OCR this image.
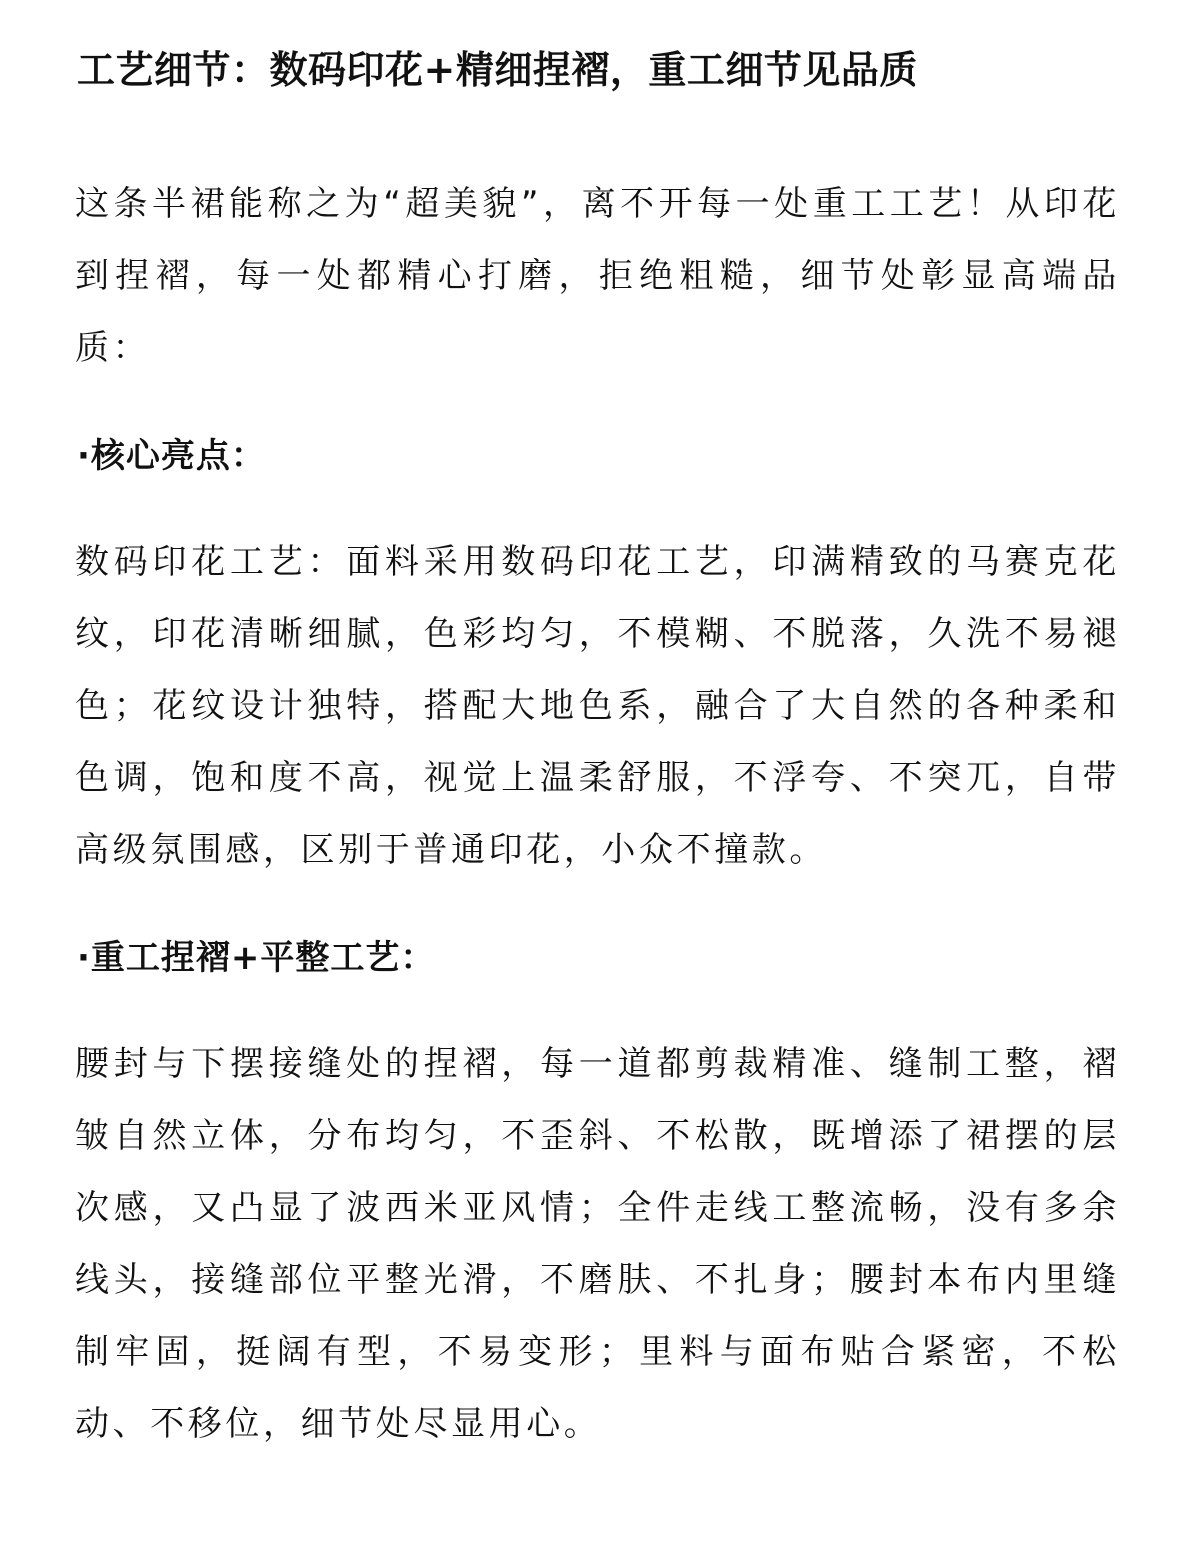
工艺细节：数码印花+精细捏褶，重工细节见品质

这条半裙能称之为“超美貌”，离不开每一处重工工艺！从印花到捏褶，每一处都精心打磨，拒绝粗糙，细节处彰显高端品质：

·核心亮点：

数码印花工艺：面料采用数码印花工艺，印满精致的马赛克花纹，印花清晰细腻，色彩均匀，不模糊、不脱落，久洗不易褪色；花纹设计独特，搭配大地色系，融合了大自然的各种柔和色调，饱和度不高，视觉上温柔舒服，不浮夸、不突兀，自带高级氛围感，区别于普通印花，小众不撞款。

·重工捏褶+平整工艺：

腰封与下摆接缝处的捏褶，每一道都剪裁精准、缝制工整，褶皱自然立体，分布均匀，不歪斜、不松散，既增添了裙摆的层次感，又凸显了波西米亚风情；全件走线工整流畅，没有多余线头，接缝部位平整光滑，不磨肤、不扎身；腰封本布内里缝制牢固，挺阔有型，不易变形；里料与面布贴合紧密，不松动、不移位，细节处尽显用心。
